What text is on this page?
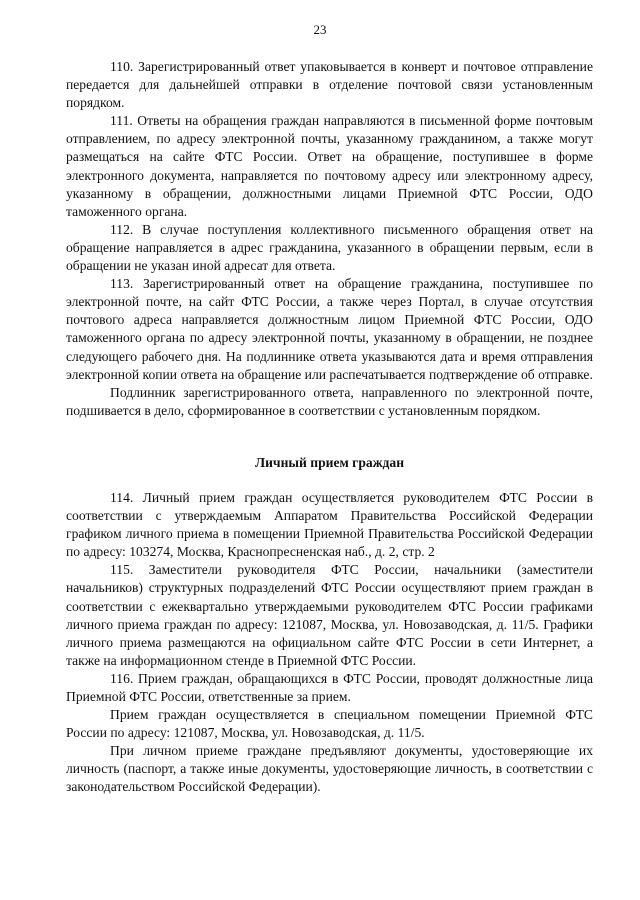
23

110. Зарегистрированный ответ упаковывается в конверт и почтовое отправление передается для дальнейшей отправки в отделение почтовой связи установленным порядком.

111. Ответы на обращения граждан направляются в письменной форме почтовым отправлением, по адресу электронной почты, указанному гражданином, а также могут размещаться на сайте ФТС России. Ответ на обращение, поступившее в форме электронного документа, направляется по почтовому адресу или электронному адресу, указанному в обращении, должностными лицами Приемной ФТС России, ОДО таможенного органа.

112. В случае поступления коллективного письменного обращения ответ на обращение направляется в адрес гражданина, указанного в обращении первым, если в обращении не указан иной адресат для ответа.

113. Зарегистрированный ответ на обращение гражданина, поступившее по электронной почте, на сайт ФТС России, а также через Портал, в случае отсутствия почтового адреса направляется должностным лицом Приемной ФТС России, ОДО таможенного органа по адресу электронной почты, указанному в обращении, не позднее следующего рабочего дня. На подлиннике ответа указываются дата и время отправления электронной копии ответа на обращение или распечатывается подтверждение об отправке.

Подлинник зарегистрированного ответа, направленного по электронной почте, подшивается в дело, сформированное в соответствии с установленным порядком.

Личный прием граждан

114. Личный прием граждан осуществляется руководителем ФТС России в соответствии с утверждаемым Аппаратом Правительства Российской Федерации графиком личного приема в помещении Приемной Правительства Российской Федерации по адресу: 103274, Москва, Краснопресненская наб., д. 2, стр. 2

115. Заместители руководителя ФТС России, начальники (заместители начальников) структурных подразделений ФТС России осуществляют прием граждан в соответствии с ежеквартально утверждаемыми руководителем ФТС России графиками личного приема граждан по адресу: 121087, Москва, ул. Новозаводская, д. 11/5. Графики личного приема размещаются на официальном сайте ФТС России в сети Интернет, а также на информационном стенде в Приемной ФТС России.

116. Прием граждан, обращающихся в ФТС России, проводят должностные лица Приемной ФТС России, ответственные за прием.

Прием граждан осуществляется в специальном помещении Приемной ФТС России по адресу: 121087, Москва, ул. Новозаводская, д. 11/5.

При личном приеме граждане предъявляют документы, удостоверяющие их личность (паспорт, а также иные документы, удостоверяющие личность, в соответствии с законодательством Российской Федерации).
